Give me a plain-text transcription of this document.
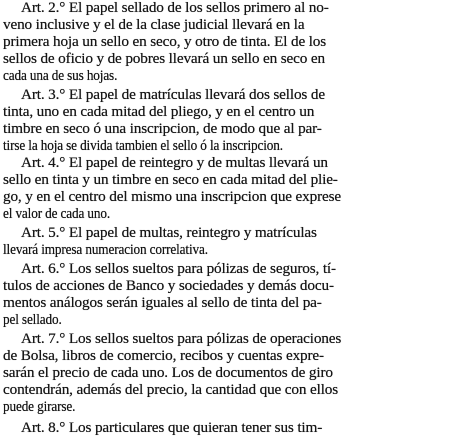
Art. 2.° El papel sellado de los sellos primero al no-
veno inclusive y el de la clase judicial llevará en la
primera hoja un sello en seco, y otro de tinta. El de los
sellos de oficio y de pobres llevará un sello en seco en
cada una de sus hojas.
Art. 3.° El papel de matrículas llevará dos sellos de
tinta, uno en cada mitad del pliego, y en el centro un
timbre en seco ó una inscripcion, de modo que al par-
tirse la hoja se divida tambien el sello ó la inscripcion.
Art. 4.° El papel de reintegro y de multas llevará un
sello en tinta y un timbre en seco en cada mitad del plie-
go, y en el centro del mismo una inscripcion que exprese
el valor de cada uno.
Art. 5.° El papel de multas, reintegro y matrículas
llevará impresa numeracion correlativa.
Art. 6.° Los sellos sueltos para pólizas de seguros, tí-
tulos de acciones de Banco y sociedades y demás docu-
mentos análogos serán iguales al sello de tinta del pa-
pel sellado.
Art. 7.° Los sellos sueltos para pólizas de operaciones
de Bolsa, libros de comercio, recibos y cuentas expre-
sarán el precio de cada uno. Los de documentos de giro
contendrán, además del precio, la cantidad que con ellos
puede girarse.
Art. 8.° Los particulares que quieran tener sus tim-
